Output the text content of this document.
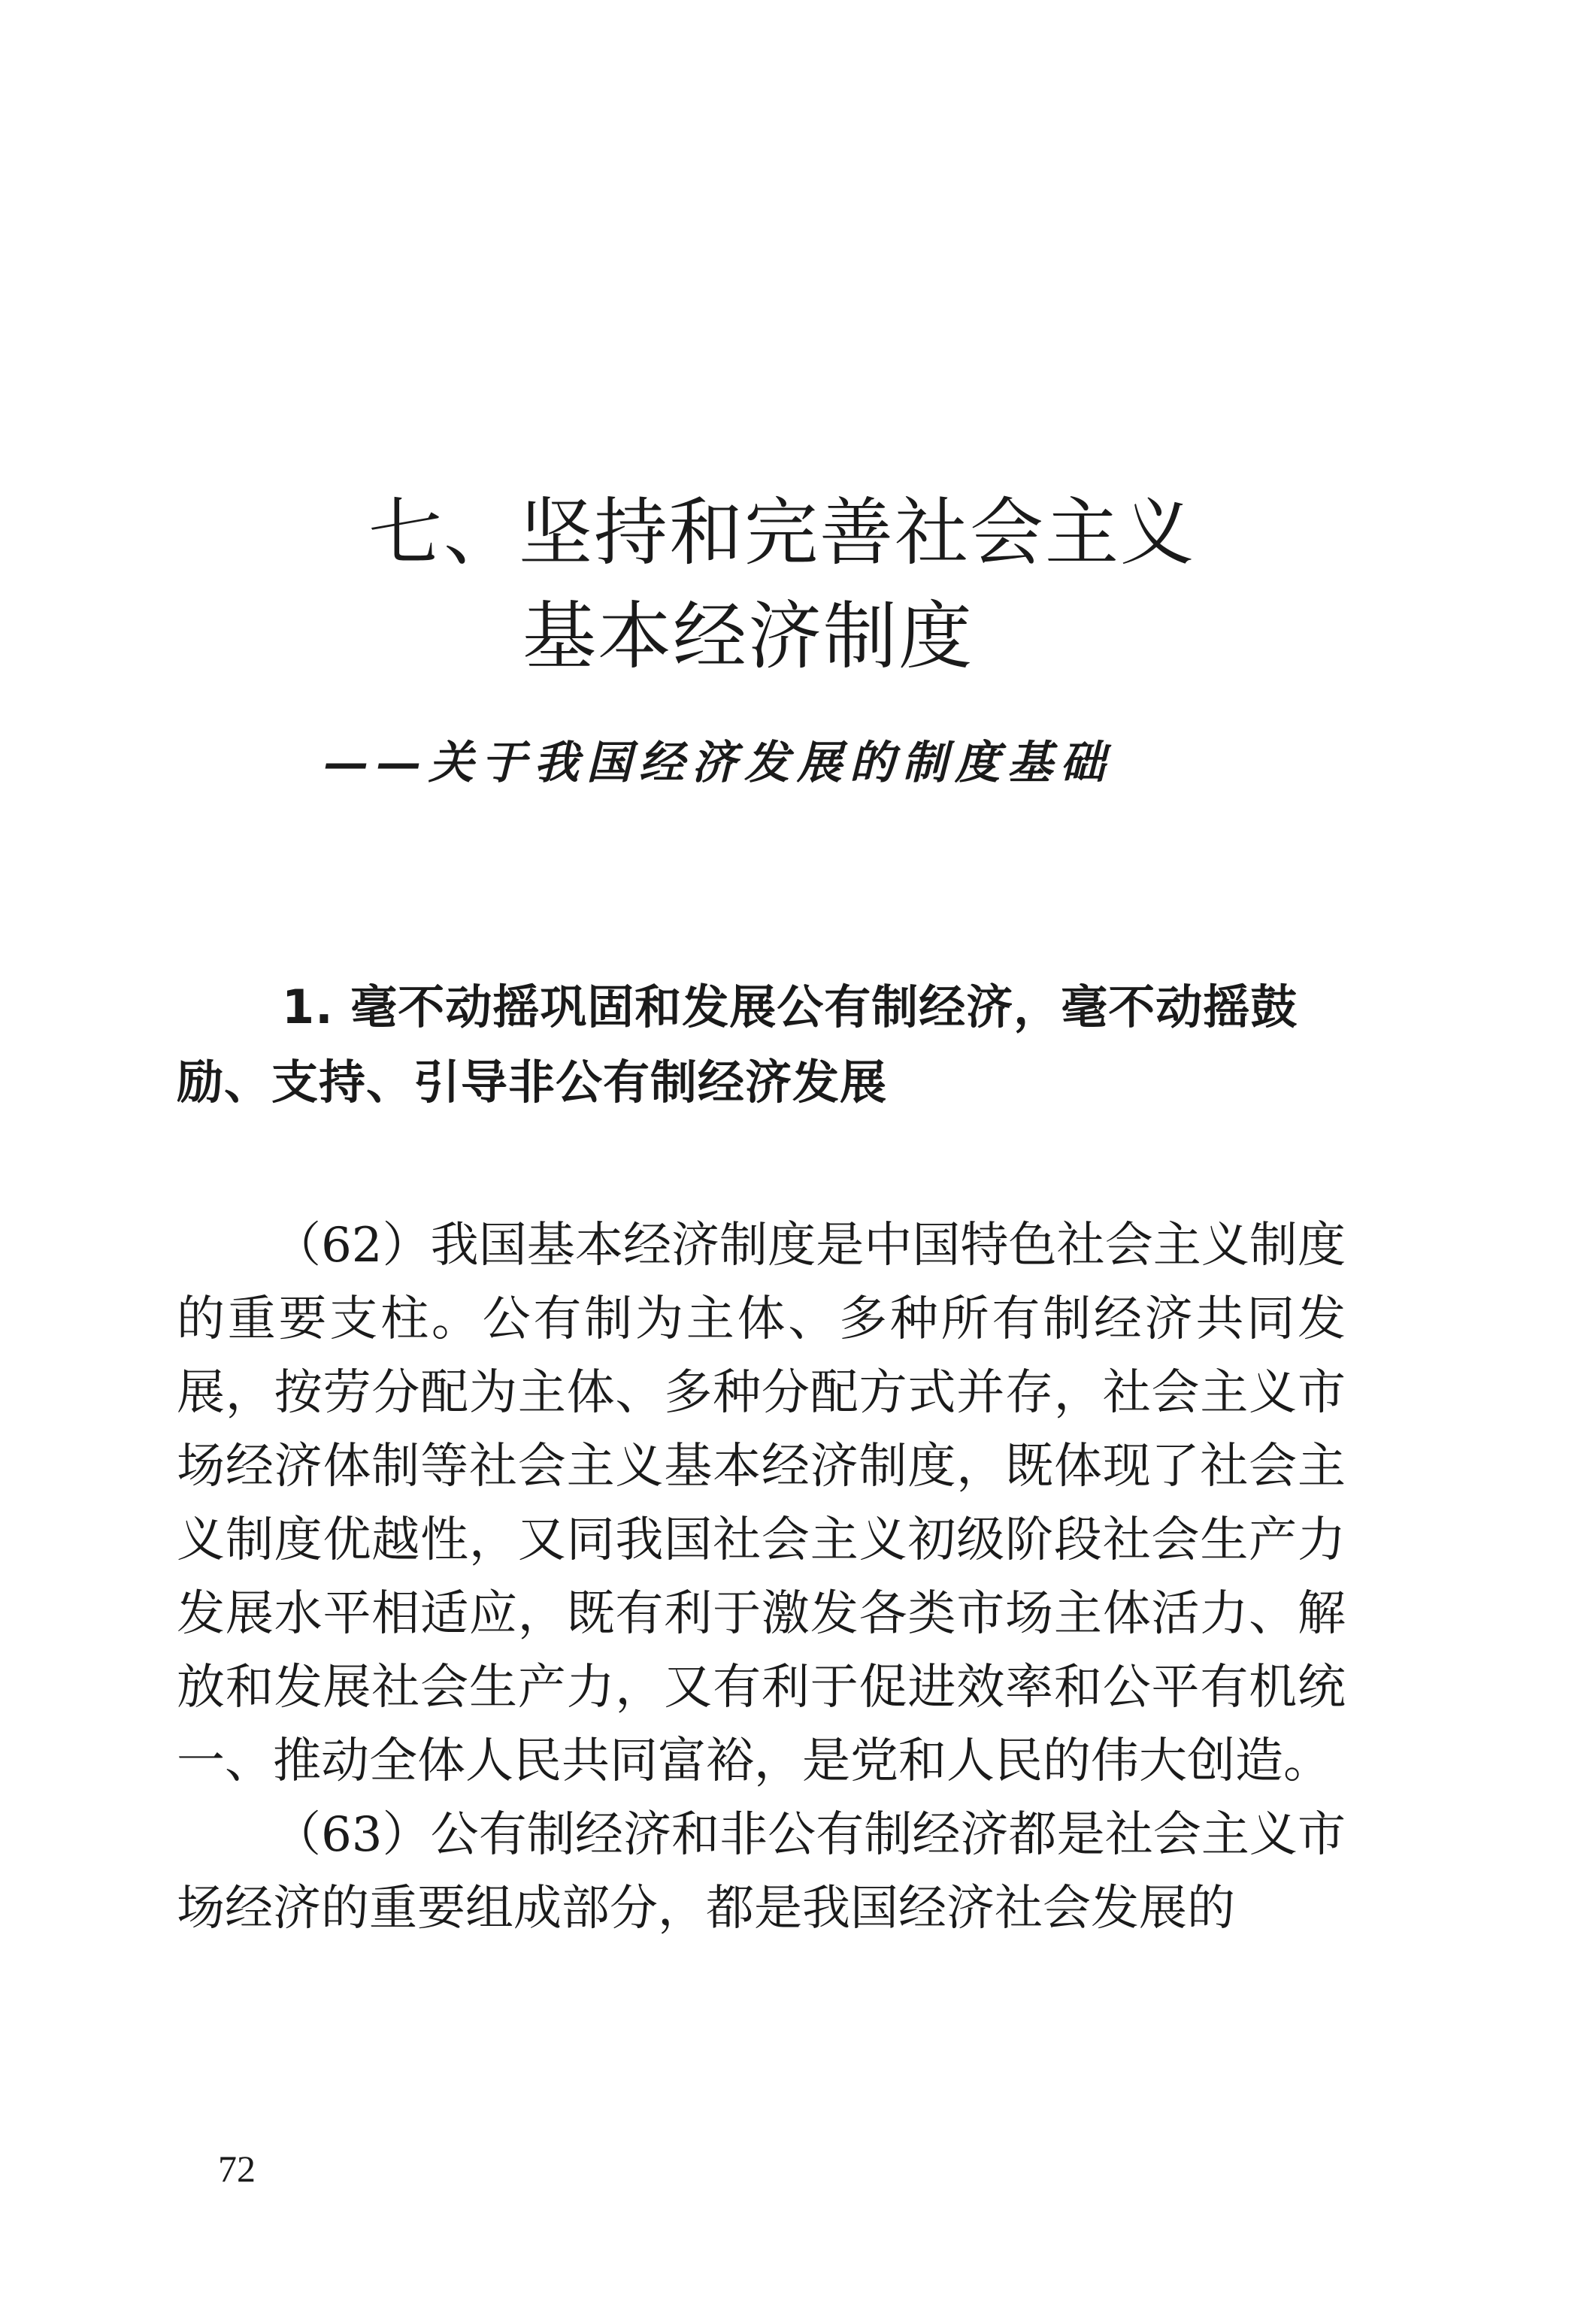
七、坚持和完善社会主义
基本经济制度
——关于我国经济发展的制度基础
1. 毫不动摇巩固和发展公有制经济，毫不动摇鼓励、支持、引导非公有制经济发展

（62）我国基本经济制度是中国特色社会主义制度的重要支柱。公有制为主体、多种所有制经济共同发展，按劳分配为主体、多种分配方式并存，社会主义市场经济体制等社会主义基本经济制度，既体现了社会主义制度优越性，又同我国社会主义初级阶段社会生产力发展水平相适应，既有利于激发各类市场主体活力、解放和发展社会生产力，又有利于促进效率和公平有机统一、推动全体人民共同富裕，是党和人民的伟大创造。

（63）公有制经济和非公有制经济都是社会主义市场经济的重要组成部分，都是我国经济社会发展的

72
